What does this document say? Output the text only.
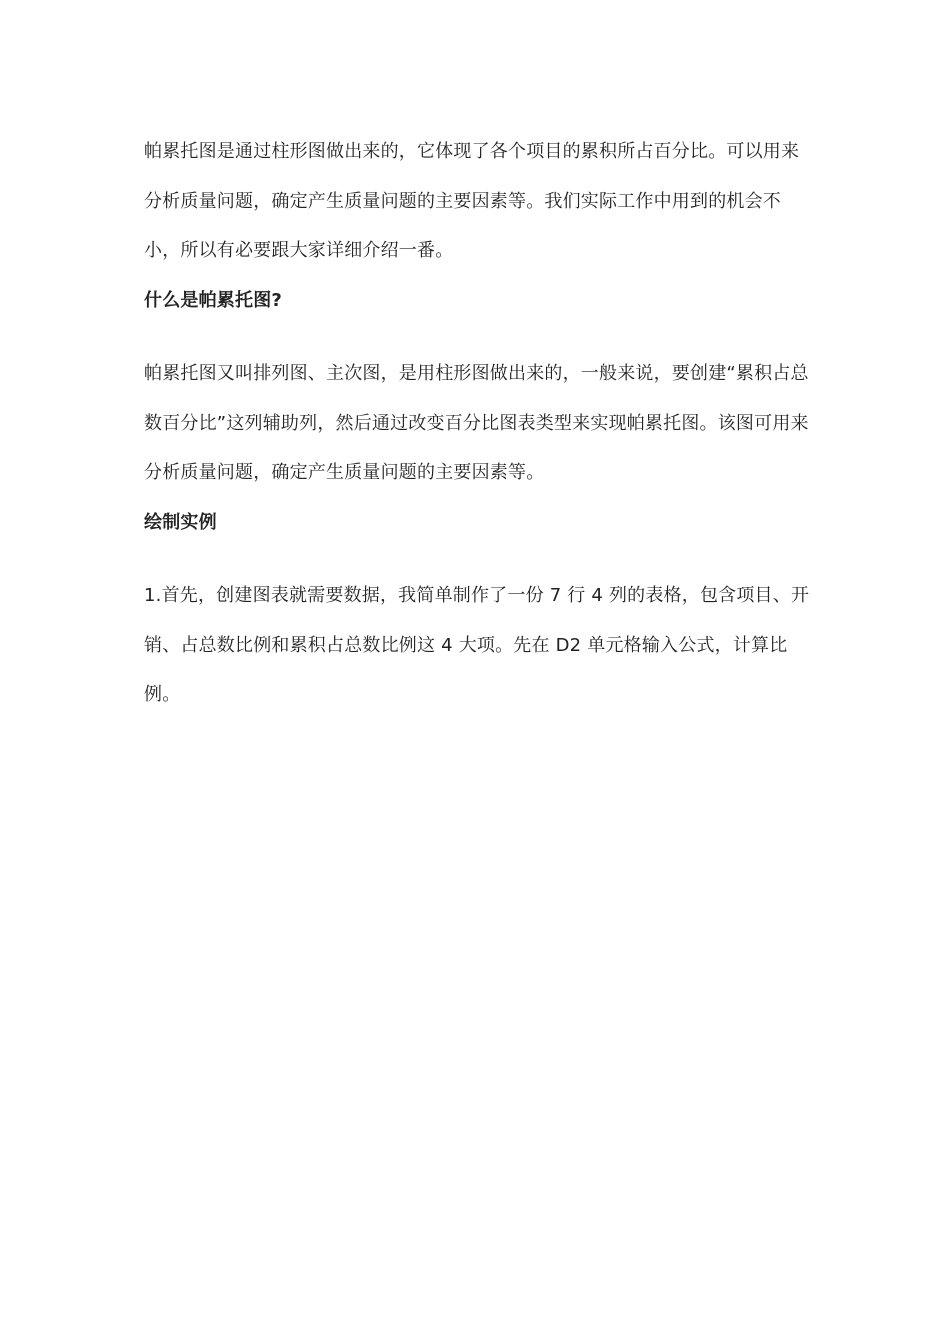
帕累托图是通过柱形图做出来的，它体现了各个项目的累积所占百分比。可以用来分析质量问题，确定产生质量问题的主要因素等。我们实际工作中用到的机会不小，所以有必要跟大家详细介绍一番。

什么是帕累托图?

帕累托图又叫排列图、主次图，是用柱形图做出来的，一般来说，要创建“累积占总数百分比”这列辅助列，然后通过改变百分比图表类型来实现帕累托图。该图可用来分析质量问题，确定产生质量问题的主要因素等。

绘制实例

1.首先，创建图表就需要数据，我简单制作了一份 7 行 4 列的表格，包含项目、开销、占总数比例和累积占总数比例这 4 大项。先在 D2 单元格输入公式，计算比例。
